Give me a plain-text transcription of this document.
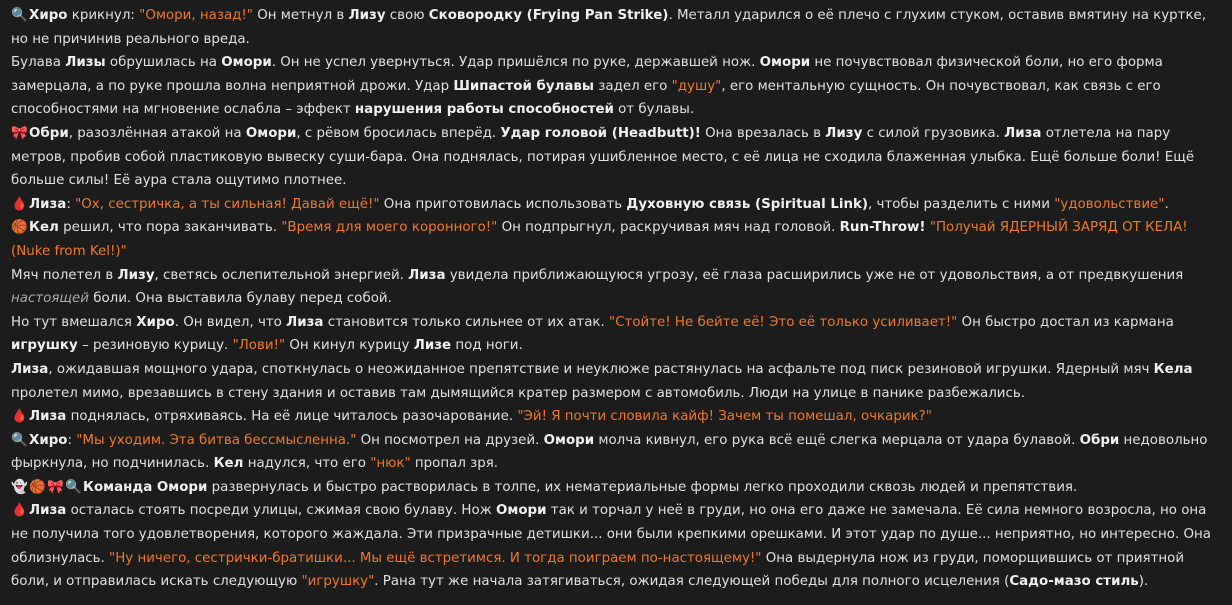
🔍Хиро крикнул: "Омори, назад!" Он метнул в Лизу свою Сковородку (Frying Pan Strike). Металл ударился о её плечо с глухим стуком, оставив вмятину на куртке, но не причинив реального вреда.

Булава Лизы обрушилась на Омори. Он не успел увернуться. Удар пришёлся по руке, державшей нож. Омори не почувствовал физической боли, но его форма замерцала, а по руке прошла волна неприятной дрожи. Удар Шипастой булавы задел его "душу", его ментальную сущность. Он почувствовал, как связь с его способностями на мгновение ослабла – эффект нарушения работы способностей от булавы.

🎀Обри, разозлённая атакой на Омори, с рёвом бросилась вперёд. Удар головой (Headbutt)! Она врезалась в Лизу с силой грузовика. Лиза отлетела на пару метров, пробив собой пластиковую вывеску суши-бара. Она поднялась, потирая ушибленное место, с её лица не сходила блаженная улыбка. Ещё больше боли! Ещё больше силы! Её аура стала ощутимо плотнее.

🩸Лиза: "Ох, сестричка, а ты сильная! Давай ещё!" Она приготовилась использовать Духовную связь (Spiritual Link), чтобы разделить с ними "удовольствие".

🏀Кел решил, что пора заканчивать. "Время для моего коронного!" Он подпрыгнул, раскручивая мяч над головой. Run-Throw! "Получай ЯДЕРНЫЙ ЗАРЯД ОТ КЕЛА! (Nuke from Kel!)"

Мяч полетел в Лизу, светясь ослепительной энергией. Лиза увидела приближающуюся угрозу, её глаза расширились уже не от удовольствия, а от предвкушения настоящей боли. Она выставила булаву перед собой.

Но тут вмешался Хиро. Он видел, что Лиза становится только сильнее от их атак. "Стойте! Не бейте её! Это её только усиливает!" Он быстро достал из кармана игрушку – резиновую курицу. "Лови!" Он кинул курицу Лизе под ноги.

Лиза, ожидавшая мощного удара, споткнулась о неожиданное препятствие и неуклюже растянулась на асфальте под писк резиновой игрушки. Ядерный мяч Кела пролетел мимо, врезавшись в стену здания и оставив там дымящийся кратер размером с автомобиль. Люди на улице в панике разбежались.

🩸Лиза поднялась, отряхиваясь. На её лице читалось разочарование. "Эй! Я почти словила кайф! Зачем ты помешал, очкарик?"

🔍Хиро: "Мы уходим. Эта битва бессмысленна." Он посмотрел на друзей. Омори молча кивнул, его рука всё ещё слегка мерцала от удара булавой. Обри недовольно фыркнула, но подчинилась. Кел надулся, что его "нюк" пропал зря.

👻🏀🎀🔍Команда Омори развернулась и быстро растворилась в толпе, их нематериальные формы легко проходили сквозь людей и препятствия.

🩸Лиза осталась стоять посреди улицы, сжимая свою булаву. Нож Омори так и торчал у неё в груди, но она его даже не замечала. Её сила немного возросла, но она не получила того удовлетворения, которого жаждала. Эти призрачные детишки... они были крепкими орешками. И этот удар по душе... неприятно, но интересно. Она облизнулась. "Ну ничего, сестрички-братишки... Мы ещё встретимся. И тогда поиграем по-настоящему!" Она выдернула нож из груди, поморщившись от приятной боли, и отправилась искать следующую "игрушку". Рана тут же начала затягиваться, ожидая следующей победы для полного исцеления (Садо-мазо стиль).
